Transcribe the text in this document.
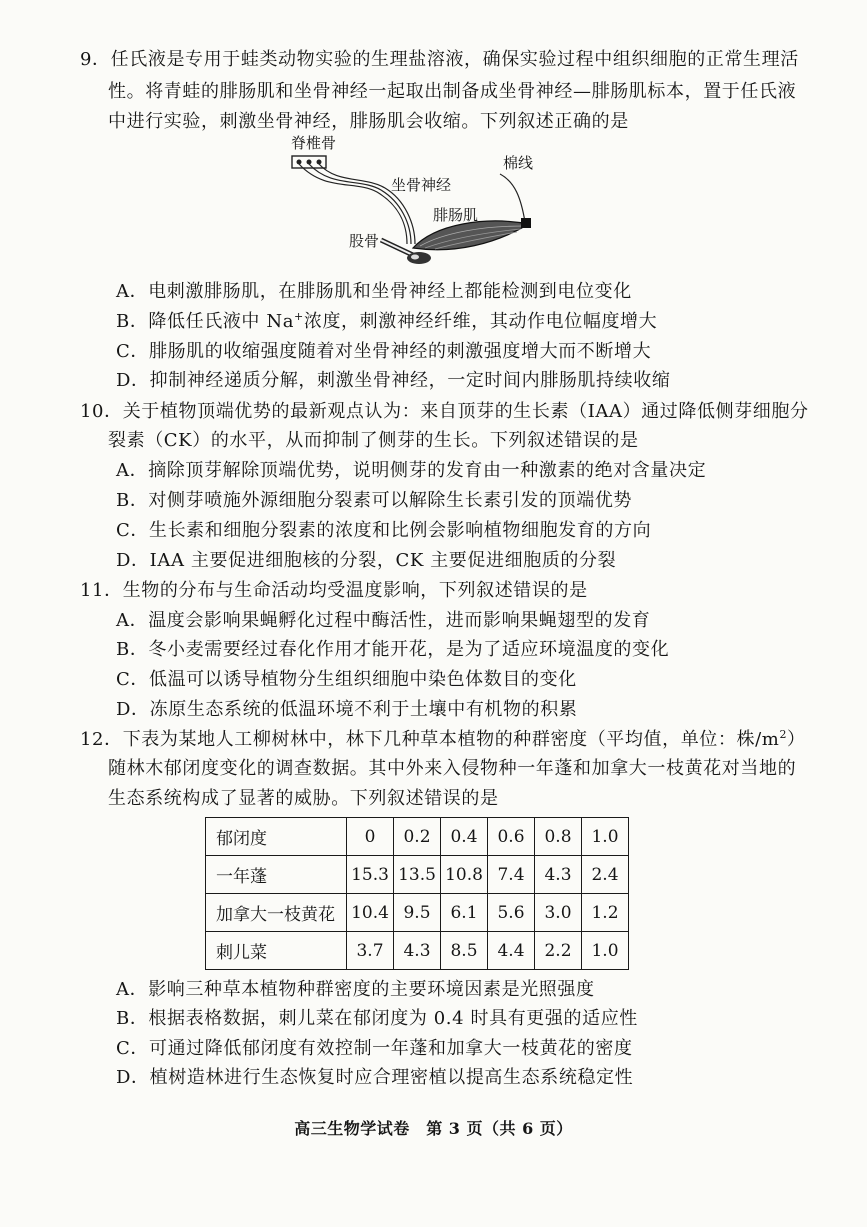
9．任氏液是专用于蛙类动物实验的生理盐溶液，确保实验过程中组织细胞的正常生理活
性。将青蛙的腓肠肌和坐骨神经一起取出制备成坐骨神经—腓肠肌标本，置于任氏液
中进行实验，刺激坐骨神经，腓肠肌会收缩。下列叙述正确的是
脊椎骨
坐骨神经
棉线
腓肠肌
股骨
A．电刺激腓肠肌，在腓肠肌和坐骨神经上都能检测到电位变化
B．降低任氏液中 Na+浓度，刺激神经纤维，其动作电位幅度增大
C．腓肠肌的收缩强度随着对坐骨神经的刺激强度增大而不断增大
D．抑制神经递质分解，刺激坐骨神经，一定时间内腓肠肌持续收缩
10．关于植物顶端优势的最新观点认为：来自顶芽的生长素（IAA）通过降低侧芽细胞分
裂素（CK）的水平，从而抑制了侧芽的生长。下列叙述错误的是
A．摘除顶芽解除顶端优势，说明侧芽的发育由一种激素的绝对含量决定
B．对侧芽喷施外源细胞分裂素可以解除生长素引发的顶端优势
C．生长素和细胞分裂素的浓度和比例会影响植物细胞发育的方向
D．IAA 主要促进细胞核的分裂，CK 主要促进细胞质的分裂
11．生物的分布与生命活动均受温度影响，下列叙述错误的是
A．温度会影响果蝇孵化过程中酶活性，进而影响果蝇翅型的发育
B．冬小麦需要经过春化作用才能开花，是为了适应环境温度的变化
C．低温可以诱导植物分生组织细胞中染色体数目的变化
D．冻原生态系统的低温环境不利于土壤中有机物的积累
12．下表为某地人工柳树林中，林下几种草本植物的种群密度（平均值，单位：株$/m^2$）
随林木郁闭度变化的调查数据。其中外来入侵物种一年蓬和加拿大一枝黄花对当地的
生态系统构成了显著的威胁。下列叙述错误的是
郁闭度	0	0.2	0.4	0.6	0.8	1.0
一年蓬	15.3	13.5	10.8	7.4	4.3	2.4
加拿大一枝黄花	10.4	9.5	6.1	5.6	3.0	1.2
刺儿菜	3.7	4.3	8.5	4.4	2.2	1.0
A．影响三种草本植物种群密度的主要环境因素是光照强度
B．根据表格数据，刺儿菜在郁闭度为 0.4 时具有更强的适应性
C．可通过降低郁闭度有效控制一年蓬和加拿大一枝黄花的密度
D．植树造林进行生态恢复时应合理密植以提高生态系统稳定性
高三生物学试卷　第 3 页（共 6 页）
